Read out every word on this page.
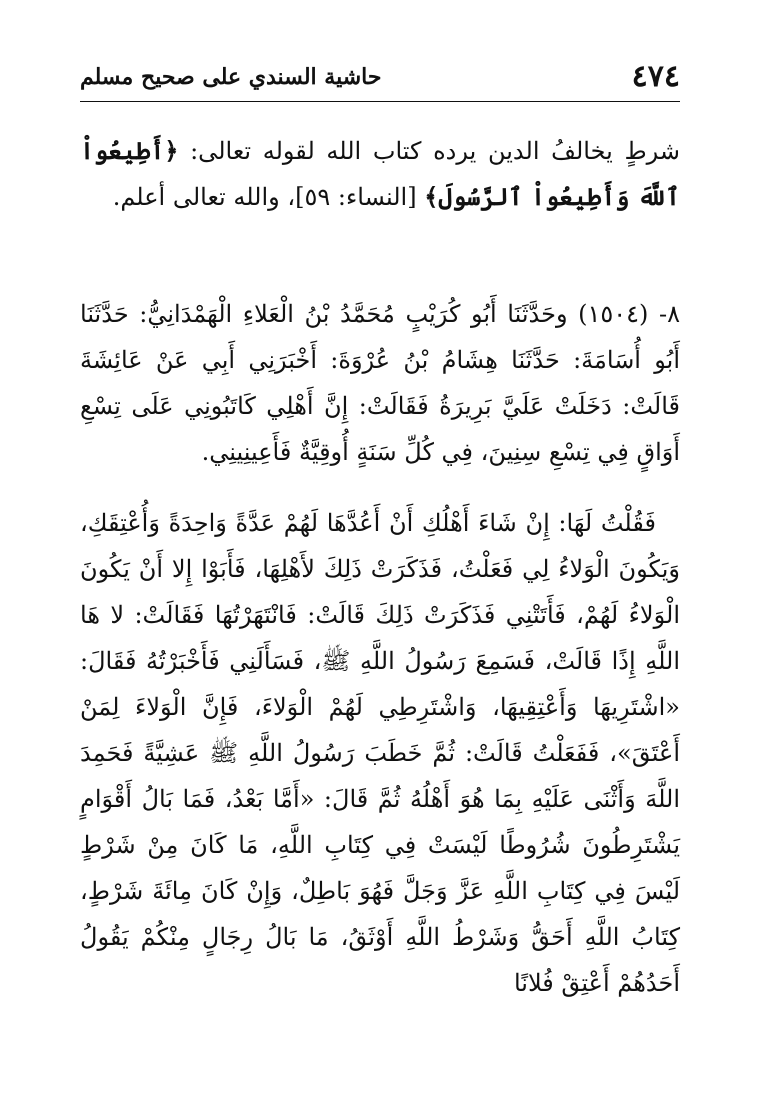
٤٧٤
حاشية السندي على صحيح مسلم

شرطٍ يخالفُ الدين يرده كتاب الله لقوله تعالى: ﴿أَطِيعُواْ ٱللَّهَ وَأَطِيعُواْ ٱلرَّسُولَ﴾ [النساء: ٥٩]، والله تعالى أعلم.

٨- (١٥٠٤) وحَدَّثَنَا أَبُو كُرَيْبٍ مُحَمَّدُ بْنُ الْعَلاءِ الْهَمْدَانِيُّ: حَدَّثَنَا أَبُو أُسَامَةَ: حَدَّثَنَا هِشَامُ بْنُ عُرْوَةَ: أَخْبَرَنِي أَبِي عَنْ عَائِشَةَ قَالَتْ: دَخَلَتْ عَلَيَّ بَرِيرَةُ فَقَالَتْ: إِنَّ أَهْلِي كَاتَبُونِي عَلَى تِسْعِ أَوَاقٍ فِي تِسْعِ سِنِينَ، فِي كُلِّ سَنَةٍ أُوقِيَّةٌ فَأَعِينِينِي.

فَقُلْتُ لَهَا: إِنْ شَاءَ أَهْلُكِ أَنْ أَعُدَّهَا لَهُمْ عَدَّةً وَاحِدَةً وَأُعْتِقَكِ، وَيَكُونَ الْوَلاءُ لِي فَعَلْتُ، فَذَكَرَتْ ذَلِكَ لأَهْلِهَا، فَأَبَوْا إِلا أَنْ يَكُونَ الْوَلاءُ لَهُمْ، فَأَتَتْنِي فَذَكَرَتْ ذَلِكَ قَالَتْ: فَانْتَهَرْتُهَا فَقَالَتْ: لا هَا اللَّهِ إِذًا قَالَتْ، فَسَمِعَ رَسُولُ اللَّهِ ﷺ، فَسَأَلَنِي فَأَخْبَرْتُهُ فَقَالَ: «اشْتَرِيهَا وَأَعْتِقِيهَا، وَاشْتَرِطِي لَهُمْ الْوَلاءَ، فَإِنَّ الْوَلاءَ لِمَنْ أَعْتَقَ»، فَفَعَلْتُ قَالَتْ: ثُمَّ خَطَبَ رَسُولُ اللَّهِ ﷺ عَشِيَّةً فَحَمِدَ اللَّهَ وَأَثْنَى عَلَيْهِ بِمَا هُوَ أَهْلُهُ ثُمَّ قَالَ: «أَمَّا بَعْدُ، فَمَا بَالُ أَقْوَامٍ يَشْتَرِطُونَ شُرُوطًا لَيْسَتْ فِي كِتَابِ اللَّهِ، مَا كَانَ مِنْ شَرْطٍ لَيْسَ فِي كِتَابِ اللَّهِ عَزَّ وَجَلَّ فَهُوَ بَاطِلٌ، وَإِنْ كَانَ مِائَةَ شَرْطٍ، كِتَابُ اللَّهِ أَحَقُّ وَشَرْطُ اللَّهِ أَوْثَقُ، مَا بَالُ رِجَالٍ مِنْكُمْ يَقُولُ أَحَدُهُمْ أَعْتِقْ فُلانًا
